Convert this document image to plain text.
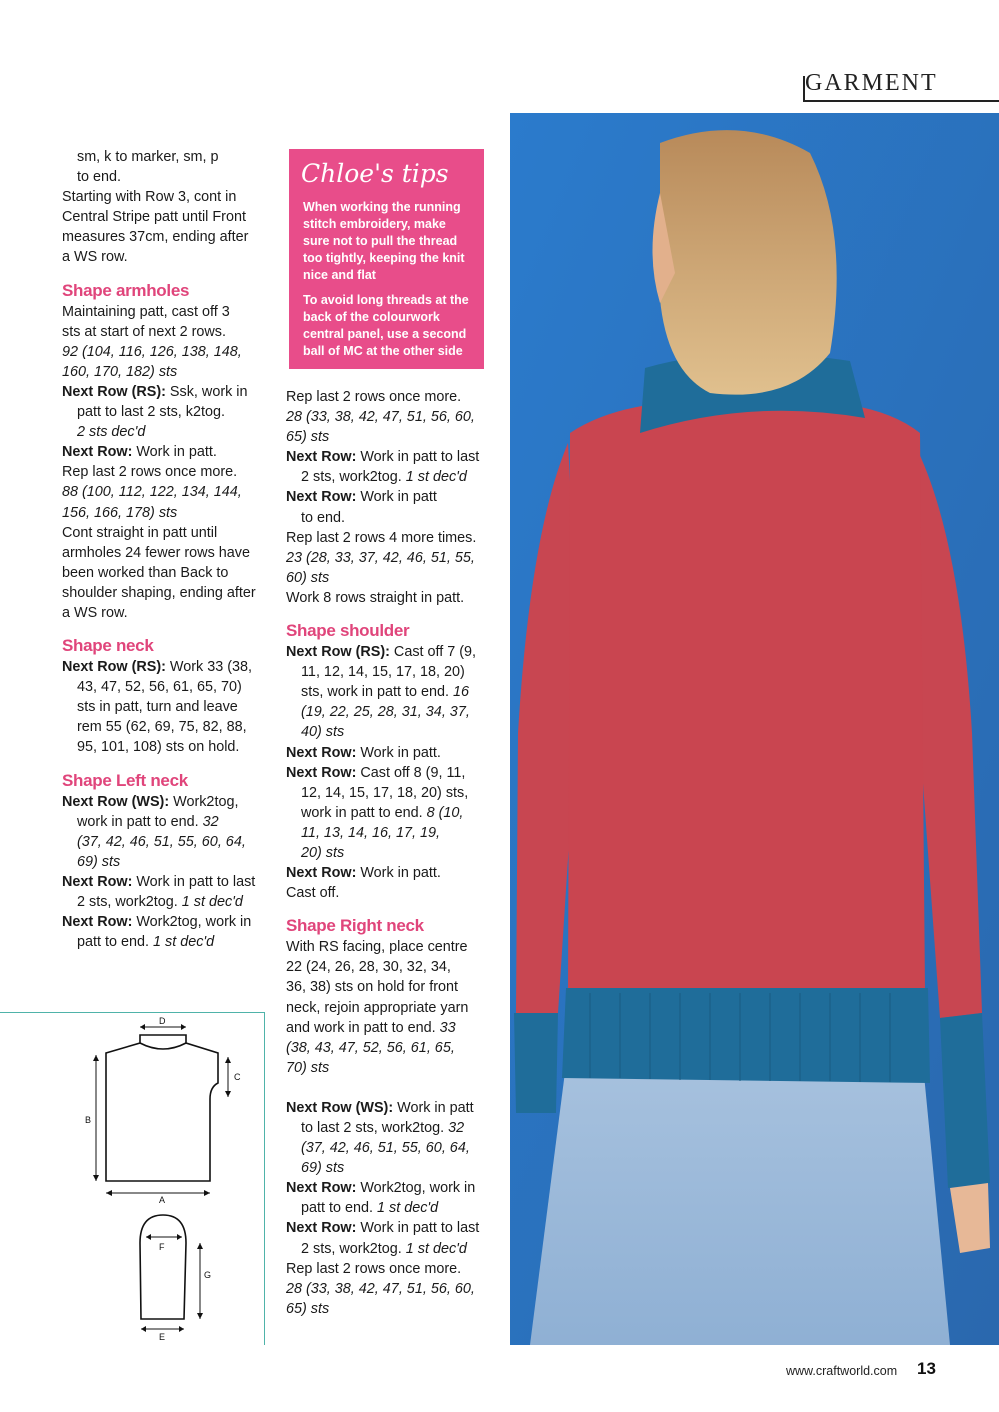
GARMENT

sm, k to marker, sm, p

to end.

Starting with Row 3, cont in

Central Stripe patt until Front

measures 37cm, ending after

a WS row.

Shape armholes

Maintaining patt, cast off 3

sts at start of next 2 rows.

92 (104, 116, 126, 138, 148,

160, 170, 182) sts

Next Row (RS): Ssk, work in

patt to last 2 sts, k2tog.

2 sts dec'd

Next Row: Work in patt.

Rep last 2 rows once more.

88 (100, 112, 122, 134, 144,

156, 166, 178) sts

Cont straight in patt until

armholes 24 fewer rows have

been worked than Back to

shoulder shaping, ending after

a WS row.

Shape neck

Next Row (RS): Work 33 (38,

43, 47, 52, 56, 61, 65, 70)

sts in patt, turn and leave

rem 55 (62, 69, 75, 82, 88,

95, 101, 108) sts on hold.

Shape Left neck

Next Row (WS): Work2tog,

work in patt to end. 32

(37, 42, 46, 51, 55, 60, 64,

69) sts

Next Row: Work in patt to last

2 sts, work2tog. 1 st dec'd

Next Row: Work2tog, work in

patt to end. 1 st dec'd

Chloe's tips
When working the running stitch embroidery, make sure not to pull the thread too tightly, keeping the knit nice and flat
To avoid long threads at the back of the colourwork central panel, use a second ball of MC at the other side

Rep last 2 rows once more.

28 (33, 38, 42, 47, 51, 56, 60,

65) sts

Next Row: Work in patt to last

2 sts, work2tog. 1 st dec'd

Next Row: Work in patt

to end.

Rep last 2 rows 4 more times.

23 (28, 33, 37, 42, 46, 51, 55,

60) sts

Work 8 rows straight in patt.

Shape shoulder

Next Row (RS): Cast off 7 (9,

11, 12, 14, 15, 17, 18, 20)

sts, work in patt to end. 16

(19, 22, 25, 28, 31, 34, 37,

40) sts

Next Row: Work in patt.

Next Row: Cast off 8 (9, 11,

12, 14, 15, 17, 18, 20) sts,

work in patt to end. 8 (10,

11, 13, 14, 16, 17, 19,

20) sts

Next Row: Work in patt.

Cast off.

Shape Right neck

With RS facing, place centre

22 (24, 26, 28, 30, 32, 34,

36, 38) sts on hold for front

neck, rejoin appropriate yarn

and work in patt to end. 33

(38, 43, 47, 52, 56, 61, 65,

70) sts

Next Row (WS): Work in patt

to last 2 sts, work2tog. 32

(37, 42, 46, 51, 55, 60, 64,

69) sts

Next Row: Work2tog, work in

patt to end. 1 st dec'd

Next Row: Work in patt to last

2 sts, work2tog. 1 st dec'd

Rep last 2 rows once more.

28 (33, 38, 42, 47, 51, 56, 60,

65) sts

A
B
C
D
E
F
G
www.craftworld.com 13
